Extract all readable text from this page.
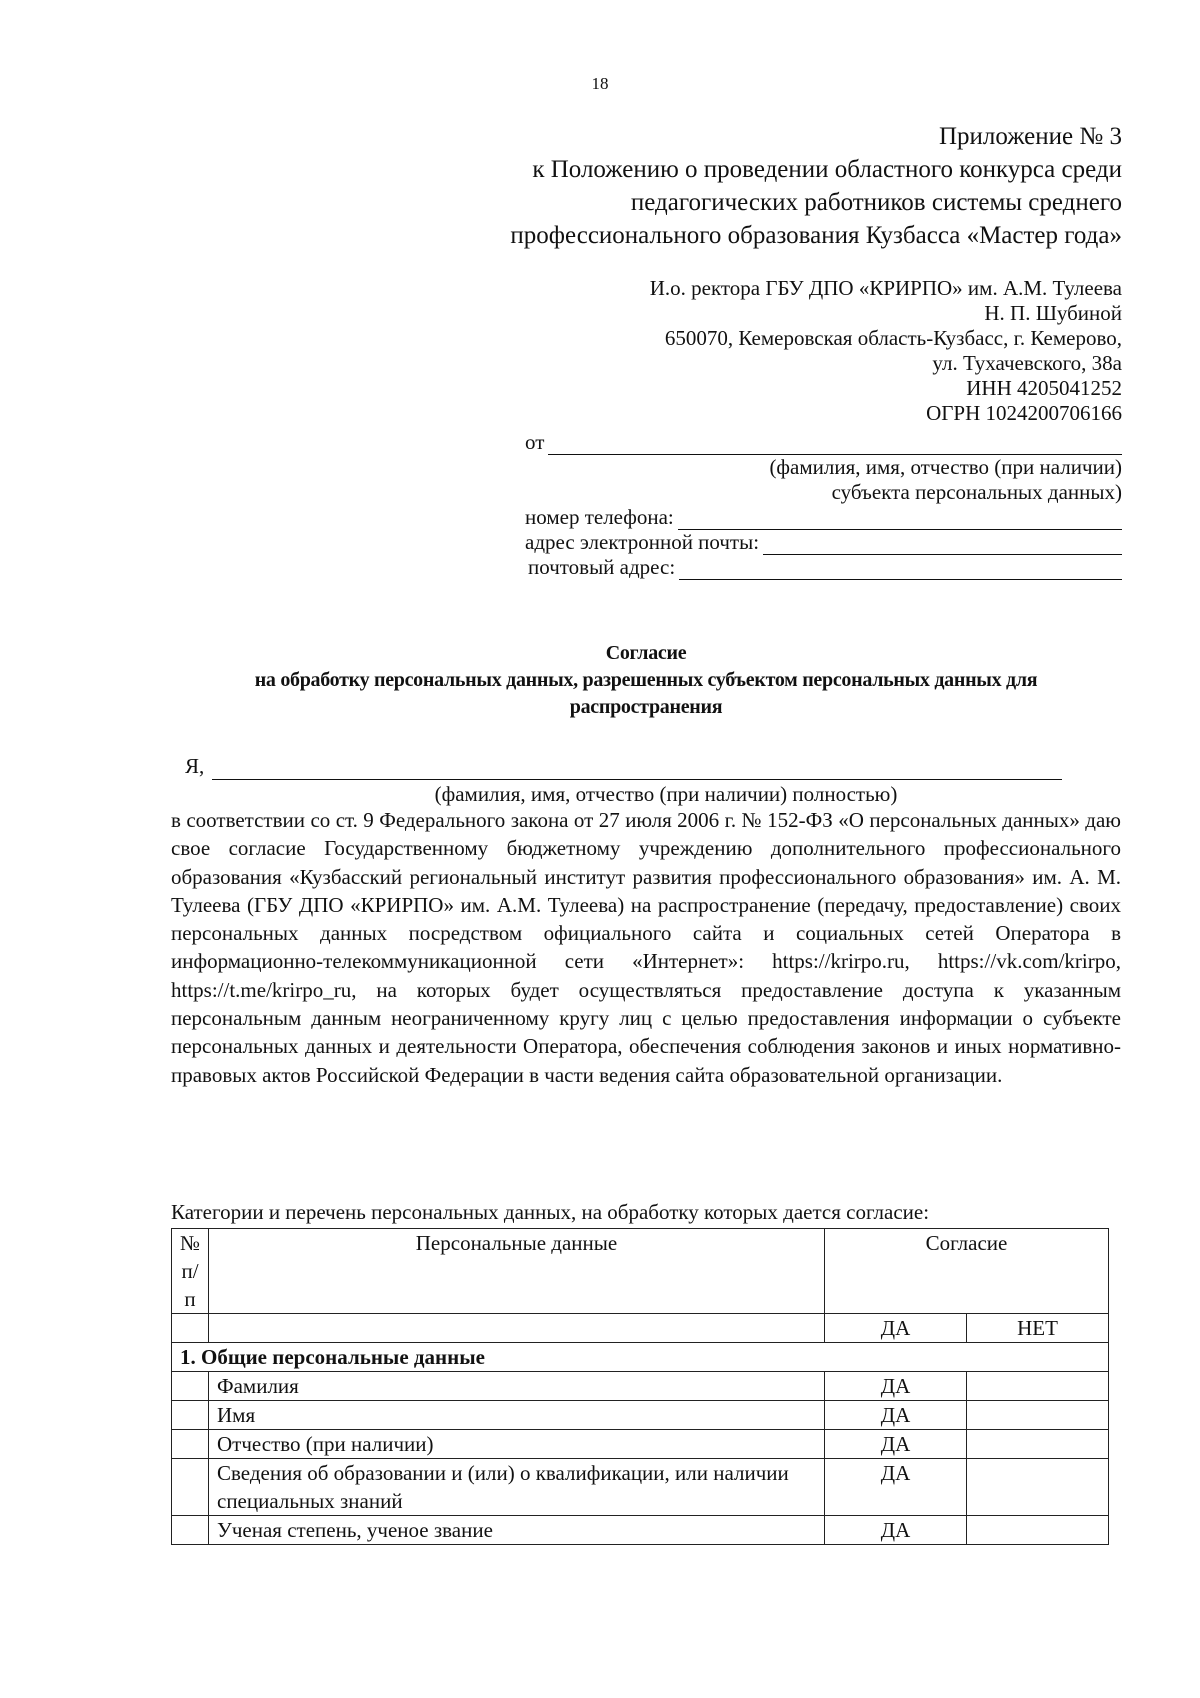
18
Приложение № 3
к Положению о проведении областного конкурса среди
педагогических работников системы среднего
профессионального образования Кузбасса «Мастер года»
И.о. ректора ГБУ ДПО «КРИРПО» им. А.М. Тулеева
Н. П. Шубиной
650070, Кемеровская область-Кузбасс, г. Кемерово,
ул. Тухачевского, 38а
ИНН 4205041252
ОГРН 1024200706166
от
(фамилия, имя, отчество (при наличии)
субъекта персональных данных)
номер телефона:
адрес электронной почты:
почтовый адрес:
Согласие
на обработку персональных данных, разрешенных субъектом персональных данных для
распространения
Я,
(фамилия, имя, отчество (при наличии) полностью)
в соответствии со ст. 9 Федерального закона от 27 июля 2006 г. № 152-ФЗ «О персональных данных» даю свое согласие Государственному бюджетному учреждению дополнительного профессионального образования «Кузбасский региональный институт развития профессионального образования» им. А. М. Тулеева (ГБУ ДПО «КРИРПО» им. А.М. Тулеева) на распространение (передачу, предоставление) своих персональных данных посредством официального сайта и социальных сетей Оператора в информационно-телекоммуникационной сети «Интернет»: https://krirpo.ru, https://vk.com/krirpo, https://t.me/krirpo_ru, на которых будет осуществляться предоставление доступа к указанным персональным данным неограниченному кругу лиц с целью предоставления информации о субъекте персональных данных и деятельности Оператора, обеспечения соблюдения законов и иных нормативно-правовых актов Российской Федерации в части ведения сайта образовательной организации.
Категории и перечень персональных данных, на обработку которых дается согласие:
№ п/ п	Персональные данные	Согласие	
		ДА	НЕТ
1. Общие персональные данные			
	Фамилия	ДА	
	Имя	ДА	
	Отчество (при наличии)	ДА	
	Сведения об образовании и (или) о квалификации, или наличии специальных знаний	ДА	
	Ученая степень, ученое звание	ДА	
